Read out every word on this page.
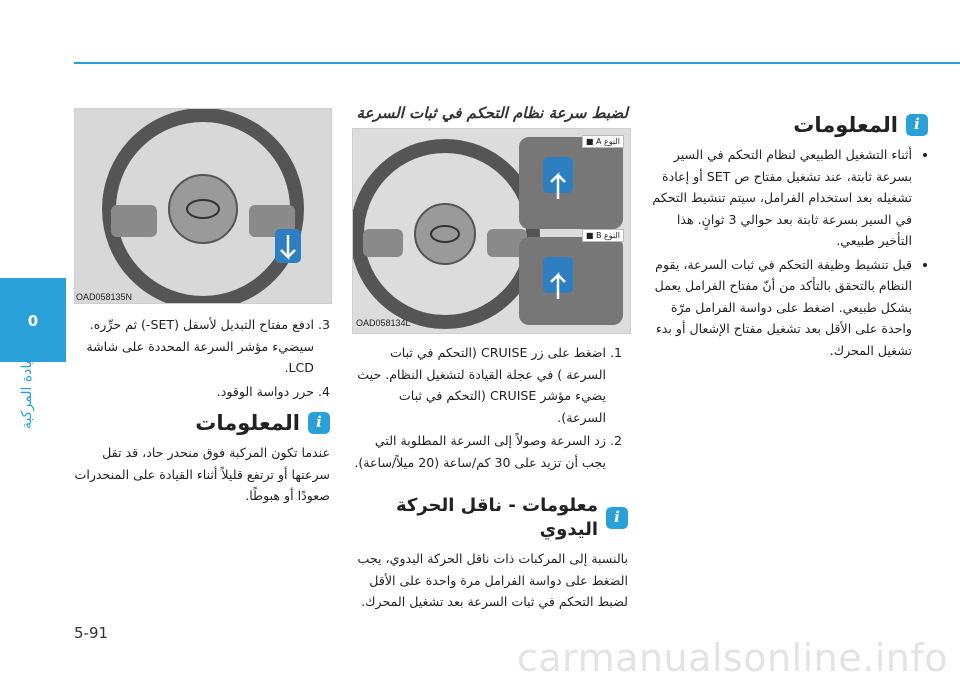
0
قيادة المركبة
i
المعلومات
• أثناء التشغيل الطبيعي لنظام التحكم في السير بسرعة ثابتة، عند تشغيل مفتاح ص SET أو إعادة تشغيله بعد استخدام الفرامل، سيتم تنشيط التحكم في السير بسرعة ثابتة بعد حوالي 3 ثوانٍ. هذا التأخير طبيعي.
• قبل تنشيط وظيفة التحكم في ثبات السرعة، يقوم النظام بالتحقق بالتأكد من أنّ مفتاح الفرامل يعمل بشكل طبيعي. اضغط على دواسة الفرامل مرّة واحدة على الأقل بعد تشغيل مفتاح الإشعال أو بدء تشغيل المحرك.
لضبط سرعة نظام التحكم في ثبات السرعة
النوع A ■
النوع B ■
OAD058134L
1.
اضغط على زر CRUISE (التحكم في ثبات السرعة ) في عجلة القيادة لتشغيل النظام. حيث يضيء مؤشر CRUISE (التحكم في ثبات السرعة).
2.
زد السرعة وصولاً إلى السرعة المطلوبة التي يجب أن تزيد على 30 كم/ساعة (20 ميلاً/ساعة).
i
معلومات - ناقل الحركة اليدوي
بالنسبة إلى المركبات ذات ناقل الحركة اليدوي، يجب الضغط على دواسة الفرامل مرة واحدة على الأقل لضبط التحكم في ثبات السرعة بعد تشغيل المحرك.
OAD058135N
3.
ادفع مفتاح التبديل لأسفل (SET-) ثم حرِّره. سيضيء مؤشر السرعة المحددة على شاشة LCD.
4.
حرر دواسة الوقود.
i
المعلومات
عندما تكون المركبة فوق منحدر حاد، قد تقل سرعتها أو ترتفع قليلاً أثناء القيادة على المنحدرات صعودًا أو هبوطًا.
5-91
carmanualsonline.info
